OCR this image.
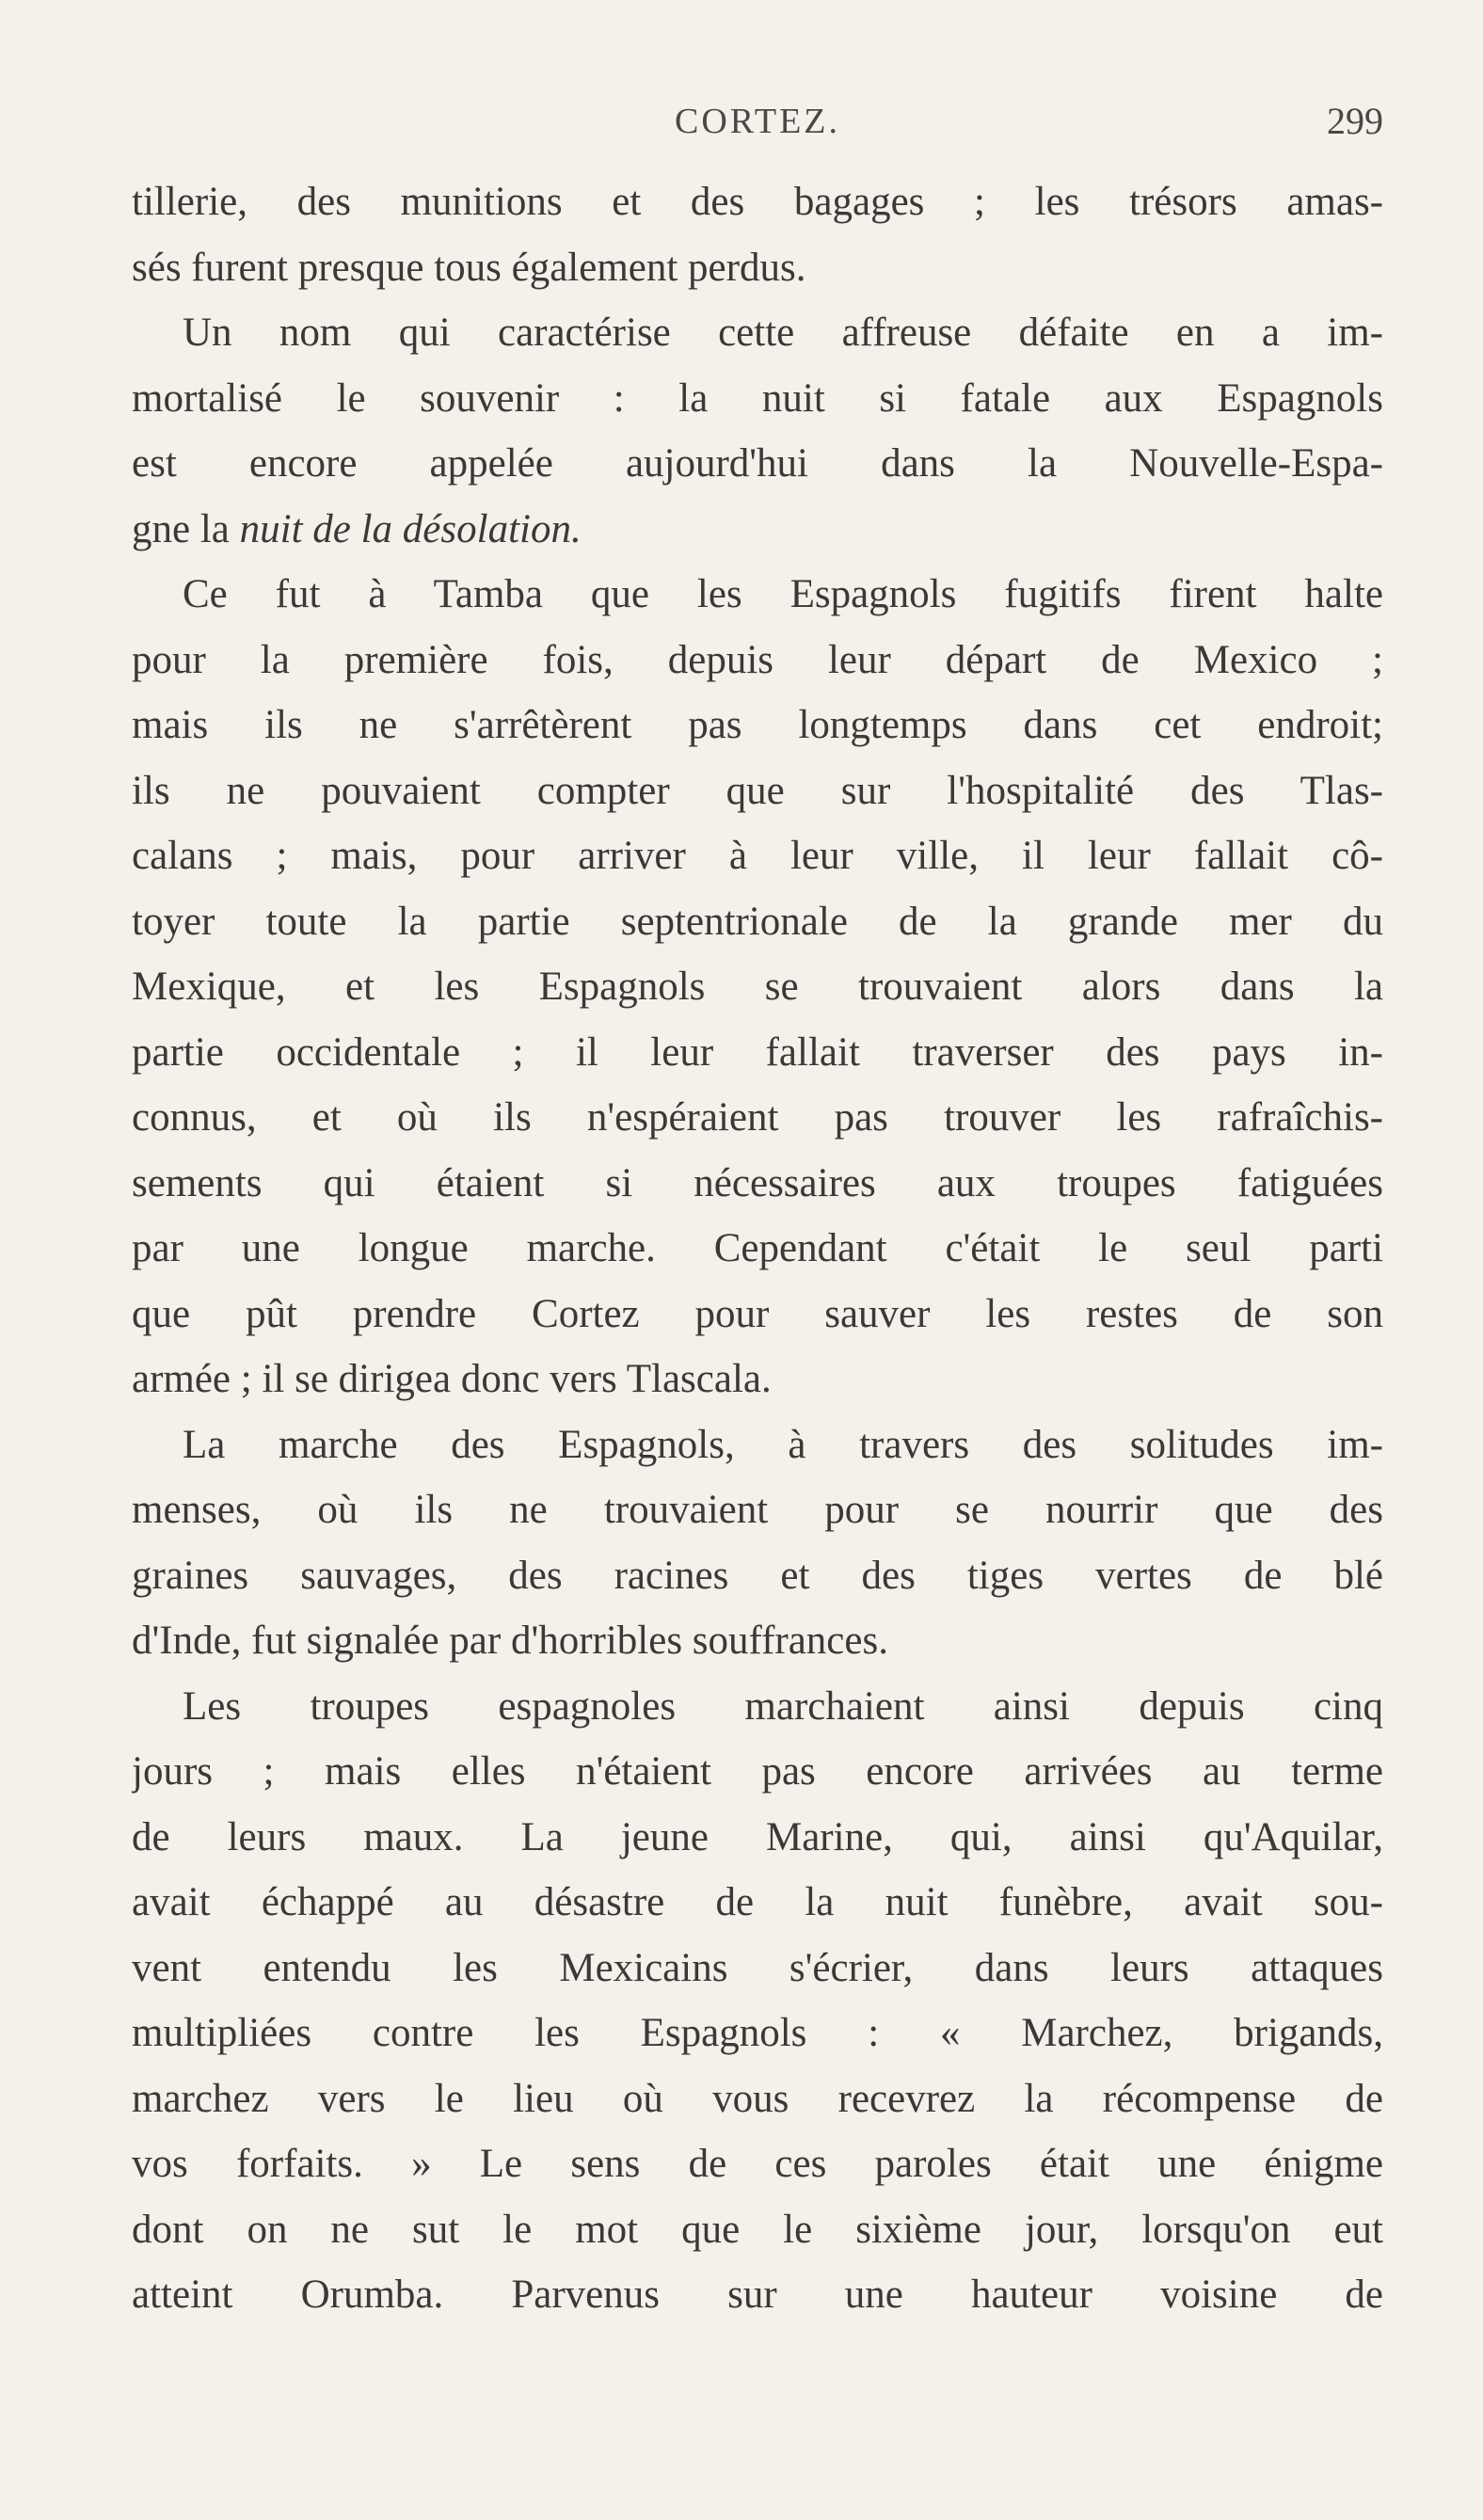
CORTEZ.	299
tillerie, des munitions et des bagages ; les trésors amas-
sés furent presque tous également perdus.
Un nom qui caractérise cette affreuse défaite en a im-
mortalisé le souvenir : la nuit si fatale aux Espagnols
est encore appelée aujourd'hui dans la Nouvelle-Espa-
gne la nuit de la désolation.
Ce fut à Tamba que les Espagnols fugitifs firent halte
pour la première fois, depuis leur départ de Mexico ;
mais ils ne s'arrêtèrent pas longtemps dans cet endroit;
ils ne pouvaient compter que sur l'hospitalité des Tlas-
calans ; mais, pour arriver à leur ville, il leur fallait cô-
toyer toute la partie septentrionale de la grande mer du
Mexique, et les Espagnols se trouvaient alors dans la
partie occidentale ; il leur fallait traverser des pays in-
connus, et où ils n'espéraient pas trouver les rafraîchis-
sements qui étaient si nécessaires aux troupes fatiguées
par une longue marche. Cependant c'était le seul parti
que pût prendre Cortez pour sauver les restes de son
armée ; il se dirigea donc vers Tlascala.
La marche des Espagnols, à travers des solitudes im-
menses, où ils ne trouvaient pour se nourrir que des
graines sauvages, des racines et des tiges vertes de blé
d'Inde, fut signalée par d'horribles souffrances.
Les troupes espagnoles marchaient ainsi depuis cinq
jours ; mais elles n'étaient pas encore arrivées au terme
de leurs maux. La jeune Marine, qui, ainsi qu'Aquilar,
avait échappé au désastre de la nuit funèbre, avait sou-
vent entendu les Mexicains s'écrier, dans leurs attaques
multipliées contre les Espagnols : « Marchez, brigands,
marchez vers le lieu où vous recevrez la récompense de
vos forfaits. » Le sens de ces paroles était une énigme
dont on ne sut le mot que le sixième jour, lorsqu'on eut
atteint Orumba. Parvenus sur une hauteur voisine de
